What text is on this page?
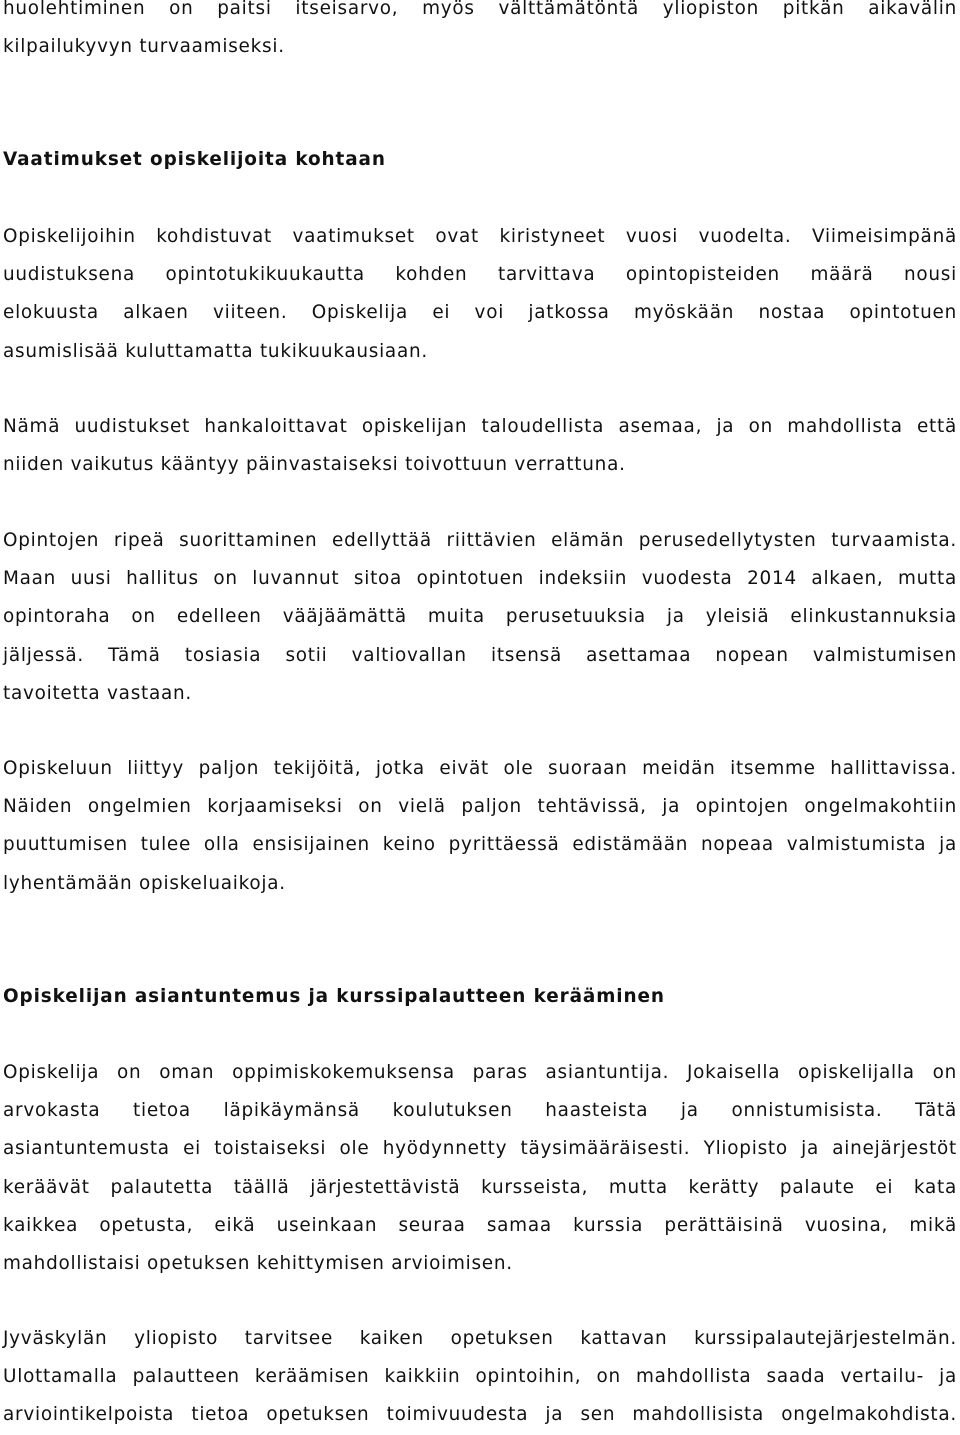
huolehtiminen on paitsi itseisarvo, myös välttämätöntä yliopiston pitkän aikavälin
kilpailukyvyn turvaamiseksi.

Vaatimukset opiskelijoita kohtaan

Opiskelijoihin kohdistuvat vaatimukset ovat kiristyneet vuosi vuodelta. Viimeisimpänä
uudistuksena opintotukikuukautta kohden tarvittava opintopisteiden määrä nousi
elokuusta alkaen viiteen. Opiskelija ei voi jatkossa myöskään nostaa opintotuen
asumislisää kuluttamatta tukikuukausiaan.

Nämä uudistukset hankaloittavat opiskelijan taloudellista asemaa, ja on mahdollista että
niiden vaikutus kääntyy päinvastaiseksi toivottuun verrattuna.

Opintojen ripeä suorittaminen edellyttää riittävien elämän perusedellytysten turvaamista.
Maan uusi hallitus on luvannut sitoa opintotuen indeksiin vuodesta 2014 alkaen, mutta
opintoraha on edelleen vääjäämättä muita perusetuuksia ja yleisiä elinkustannuksia
jäljessä. Tämä tosiasia sotii valtiovallan itsensä asettamaa nopean valmistumisen
tavoitetta vastaan.

Opiskeluun liittyy paljon tekijöitä, jotka eivät ole suoraan meidän itsemme hallittavissa.
Näiden ongelmien korjaamiseksi on vielä paljon tehtävissä, ja opintojen ongelmakohtiin
puuttumisen tulee olla ensisijainen keino pyrittäessä edistämään nopeaa valmistumista ja
lyhentämään opiskeluaikoja.

Opiskelijan asiantuntemus ja kurssipalautteen kerääminen

Opiskelija on oman oppimiskokemuksensa paras asiantuntija. Jokaisella opiskelijalla on
arvokasta tietoa läpikäymänsä koulutuksen haasteista ja onnistumisista. Tätä
asiantuntemusta ei toistaiseksi ole hyödynnetty täysimääräisesti. Yliopisto ja ainejärjestöt
keräävät palautetta täällä järjestettävistä kursseista, mutta kerätty palaute ei kata
kaikkea opetusta, eikä useinkaan seuraa samaa kurssia perättäisinä vuosina, mikä
mahdollistaisi opetuksen kehittymisen arvioimisen.

Jyväskylän yliopisto tarvitsee kaiken opetuksen kattavan kurssipalautejärjestelmän.
Ulottamalla palautteen keräämisen kaikkiin opintoihin, on mahdollista saada vertailu- ja
arviointikelpoista tietoa opetuksen toimivuudesta ja sen mahdollisista ongelmakohdista.
